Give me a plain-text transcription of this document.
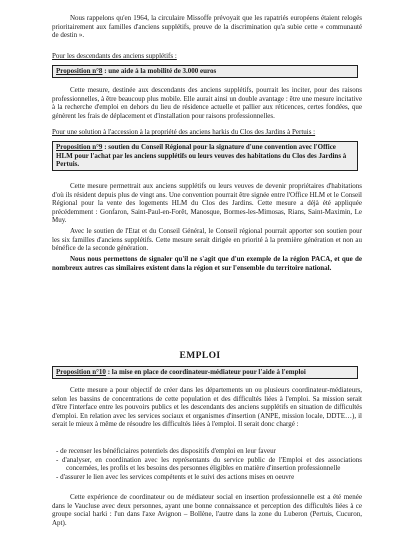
Nous rappelons qu'en 1964, la circulaire Missoffe prévoyait que les rapatriés européens étaient relogés prioritairement aux familles d'anciens supplétifs, preuve de la discrimination qu'a subie cette « communauté de destin ».

Pour les descendants des anciens supplétifs :

Proposition n°8 : une aide à la mobilité de 3.000 euros

Cette mesure, destinée aux descendants des anciens supplétifs, pourrait les inciter, pour des raisons professionnelles, à être beaucoup plus mobile. Elle aurait ainsi un double avantage : être une mesure incitative à la recherche d'emploi en dehors du lieu de résidence actuelle et pallier aux réticences, certes fondées, que génèrent les frais de déplacement et d'installation pour raisons professionnelles.

Pour une solution à l'accession à la propriété des anciens harkis du Clos des Jardins à Pertuis :

Proposition n°9 : soutien du Conseil Régional pour la signature d'une convention avec l'Office HLM pour l'achat par les anciens supplétifs ou leurs veuves des habitations du Clos des Jardins à Pertuis.

Cette mesure permettrait aux anciens supplétifs ou leurs veuves de devenir propriétaires d'habitations d'où ils résident depuis plus de vingt ans. Une convention pourrait être signée entre l'Office HLM et le Conseil Régional pour la vente des logements HLM du Clos des Jardins. Cette mesure a déjà été appliquée précédemment : Gonfaron, Saint-Paul-en-Forêt, Manosque, Bormes-les-Mimosas, Rians, Saint-Maximin, Le Muy.

Avec le soutien de l'Etat et du Conseil Général, le Conseil régional pourrait apporter son soutien pour les six familles d'anciens supplétifs. Cette mesure serait dirigée en priorité à la première génération et non au bénéfice de la seconde génération.

Nous nous permettons de signaler qu'il ne s'agit que d'un exemple de la région PACA, et que de nombreux autres cas similaires existent dans la région et sur l'ensemble du territoire national.

EMPLOI

Proposition n°10 : la mise en place de coordinateur-médiateur pour l'aide à l'emploi

Cette mesure a pour objectif de créer dans les départements un ou plusieurs coordinateur-médiateurs, selon les bassins de concentrations de cette population et des difficultés liées à l'emploi. Sa mission serait d'être l'interface entre les pouvoirs publics et les descendants des anciens supplétifs en situation de difficultés d'emploi. En relation avec les services sociaux et organismes d'insertion (ANPE, mission locale, DDTE…), il serait le mieux à même de résoudre les difficultés liées à l'emploi. Il serait donc chargé :

- de recenser les bénéficiaires potentiels des dispositifs d'emploi en leur faveur
- d'analyser, en coordination avec les représentants du service public de l'Emploi et des associations concernées, les profils et les besoins des personnes éligibles en matière d'insertion professionnelle
- d'assurer le lien avec les services compétents et le suivi des actions mises en oeuvre

Cette expérience de coordinateur ou de médiateur social en insertion professionnelle est a été menée dans le Vaucluse avec deux personnes, ayant une bonne connaissance et perception des difficultés liées à ce groupe social harki : l'un dans l'axe Avignon – Bollène, l'autre dans la zone du Luberon (Pertuis, Cucuron, Apt).
